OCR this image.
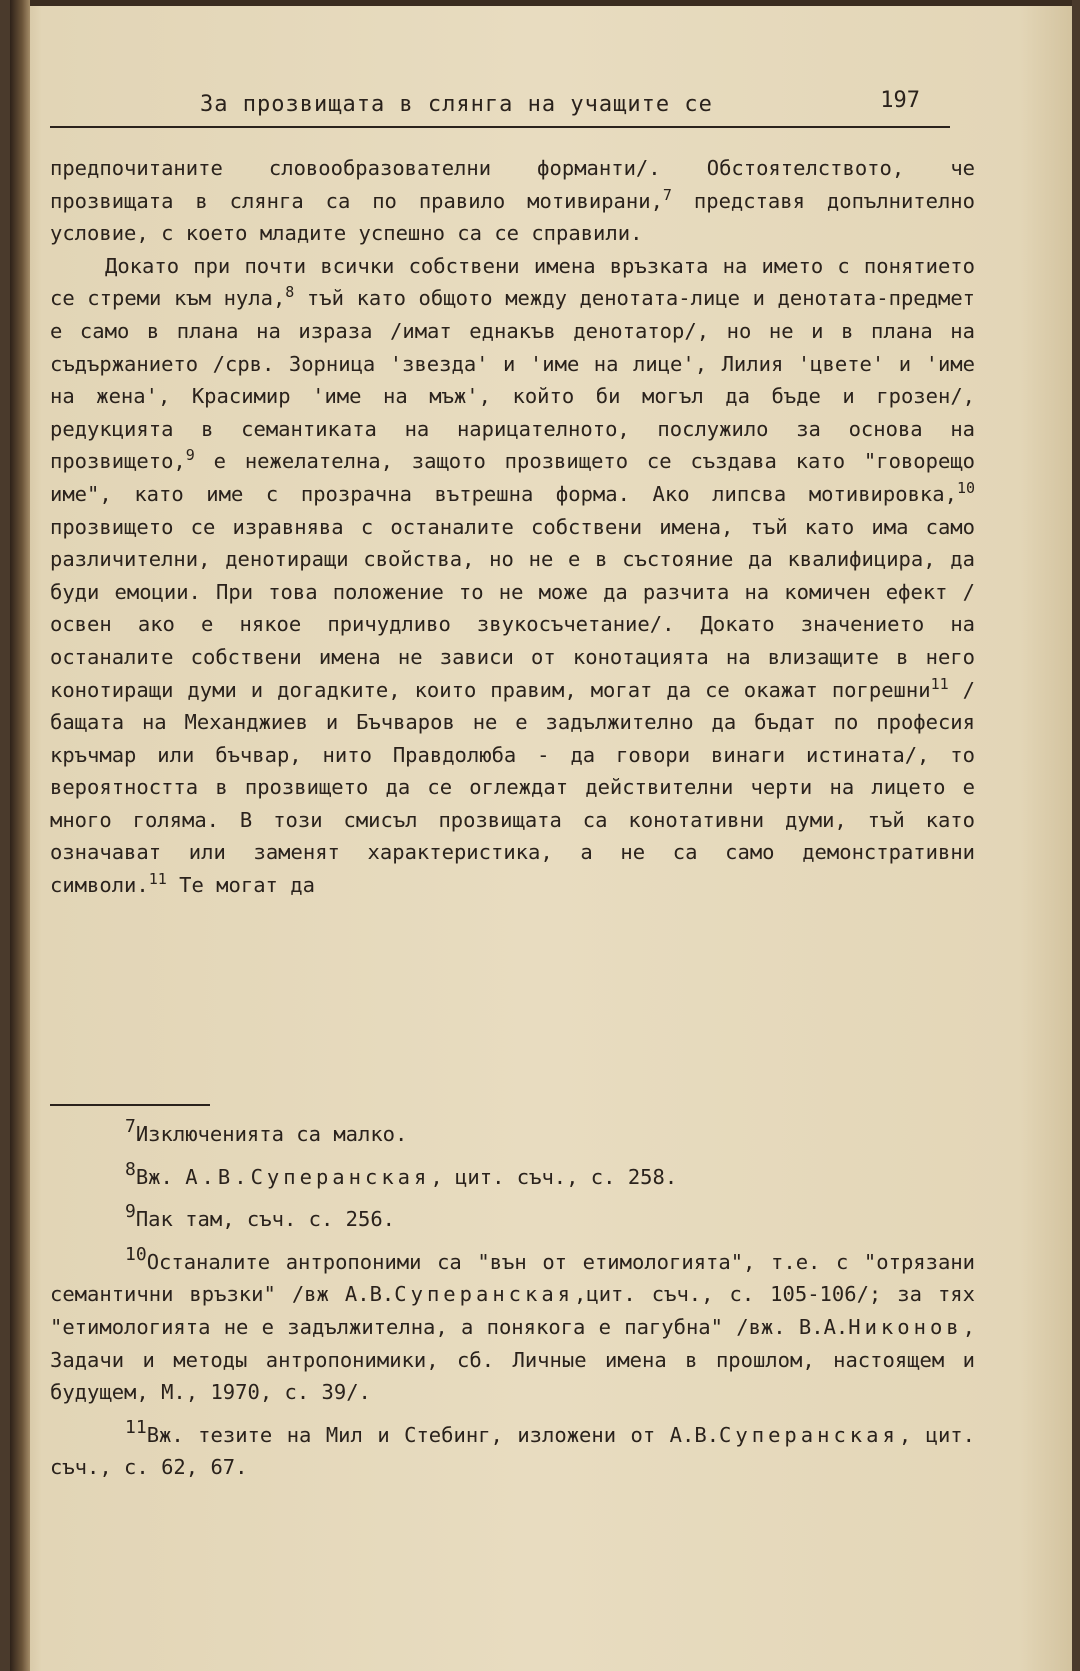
За прозвищата в слянга на учащите се	197

предпочитаните словообразователни форманти/. Обстоятелството, че прозвищата в слянга са по правило мотивирани,$^7$ представя допълнително условие, с което младите успешно са се справили.

Докато при почти всички собствени имена връзката на името с понятието се стреми към нула,$^8$ тъй като общото между денотата-лице и денотата-предмет е само в плана на израза /имат еднакъв денотатор/, но не и в плана на съдържанието /срв. Зорница 'звезда' и 'име на лице', Лилия 'цвете' и 'име на жена', Красимир 'име на мъж', който би могъл да бъде и грозен/, редукцията в семантиката на нарицателното, послужило за основа на прозвището,$^9$ е нежелателна, защото прозвището се създава като "говорещо име", като име с прозрачна вътрешна форма. Ако липсва мотивировка,$^{10}$ прозвището се изравнява с останалите собствени имена, тъй като има само различителни, денотиращи свойства, но не е в състояние да квалифицира, да буди емоции. При това положение то не може да разчита на комичен ефект /освен ако е някое причудливо звукосъчетание/. Докато значението на останалите собствени имена не зависи от конотацията на влизащите в него конотиращи думи и догадките, които правим, могат да се окажат погрешни$^{11}$ /бащата на Механджиев и Бъчваров не е задължително да бъдат по професия кръчмар или бъчвар, нито Правдолюба - да говори винаги истината/, то вероятността в прозвището да се оглеждат действителни черти на лицето е много голяма. В този смисъл прозвищата са конотативни думи, тъй като означават или заменят характеристика, а не са само демонстративни символи.$^{11}$ Те могат да

7Изключенията са малко.

8Вж. А.В.Суперанская, цит. съч., с. 258.

9Пак там, съч. с. 256.

10Останалите антропоними са "вън от етимологията", т.е. с "отрязани семантични връзки" /вж А.В.Суперанская,цит. съч., с. 105-106/; за тях "етимологията не е задължителна, а понякога е пагубна" /вж. В.А.Никонов, Задачи и методы антропонимики, сб. Личные имена в прошлом, настоящем и будущем, М., 1970, с. 39/.

11Вж. тезите на Мил и Стебинг, изложени от А.В.Суперанская, цит. съч., с. 62, 67.
